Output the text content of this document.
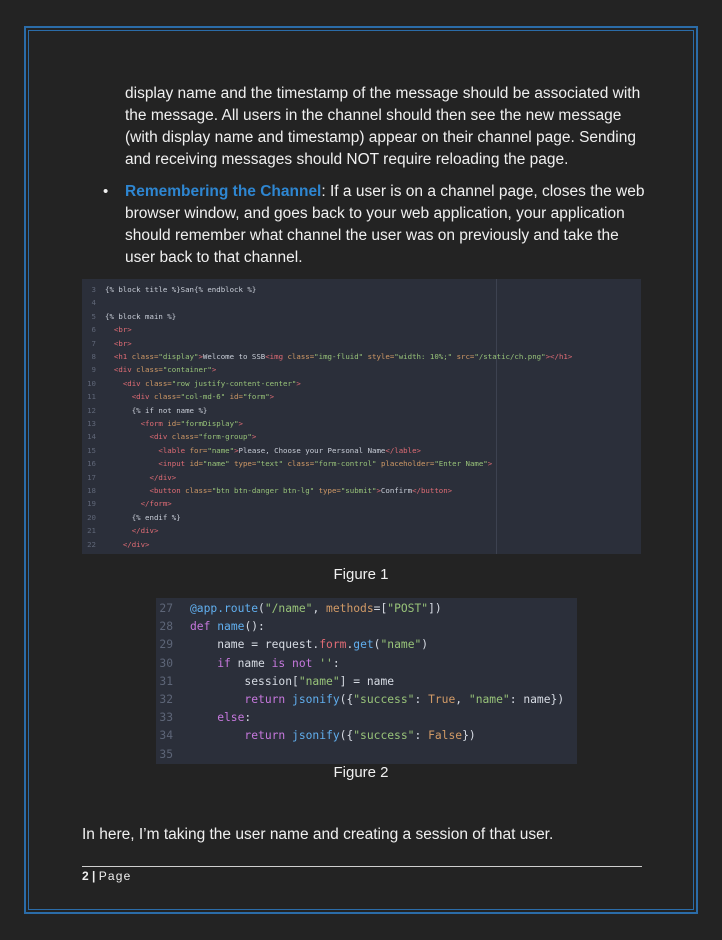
display name and the timestamp of the message should be associated with
the message. All users in the channel should then see the new message
(with display name and timestamp) appear on their channel page. Sending
and receiving messages should NOT require reloading the page.
• Remembering the Channel: If a user is on a channel page, closes the web
browser window, and goes back to your web application, your application
should remember what channel the user was on previously and take the
user back to that channel.
3 {% block title %}San{% endblock %}
4
5 {% block main %}
6 <br>
7 <br>
8 <h1 class="display">Welcome to SSB<img class="img-fluid" style="width: 10%;" src="/static/ch.png"></h1>
9 <div class="container">
10	<div class="row justify-content-center">
11	<div class="col-md-6" id="form">
12	{% if not name %}
13	<form id="formDisplay">
14	<div class="form-group">
15	<lable for="name">Please, Choose your Personal Name</lable>
16	<input id="name" type="text" class="form-control" placeholder="Enter Name">
17	</div>
18	<button class="btn btn-danger btn-lg" type="submit">Confirm</button>
19	</form>
20	{% endif %}
21	</div>
22	</div>
Figure 1
27 @app.route("/name", methods=["POST"])
28 def name():
29    name = request.form.get("name")
30    if name is not '':
31        session["name"] = name
32        return jsonify({"success": True, "name": name})
33    else:
34        return jsonify({"success": False})
35
Figure 2
In here, I’m taking the user name and creating a session of that user.
2 | Page
